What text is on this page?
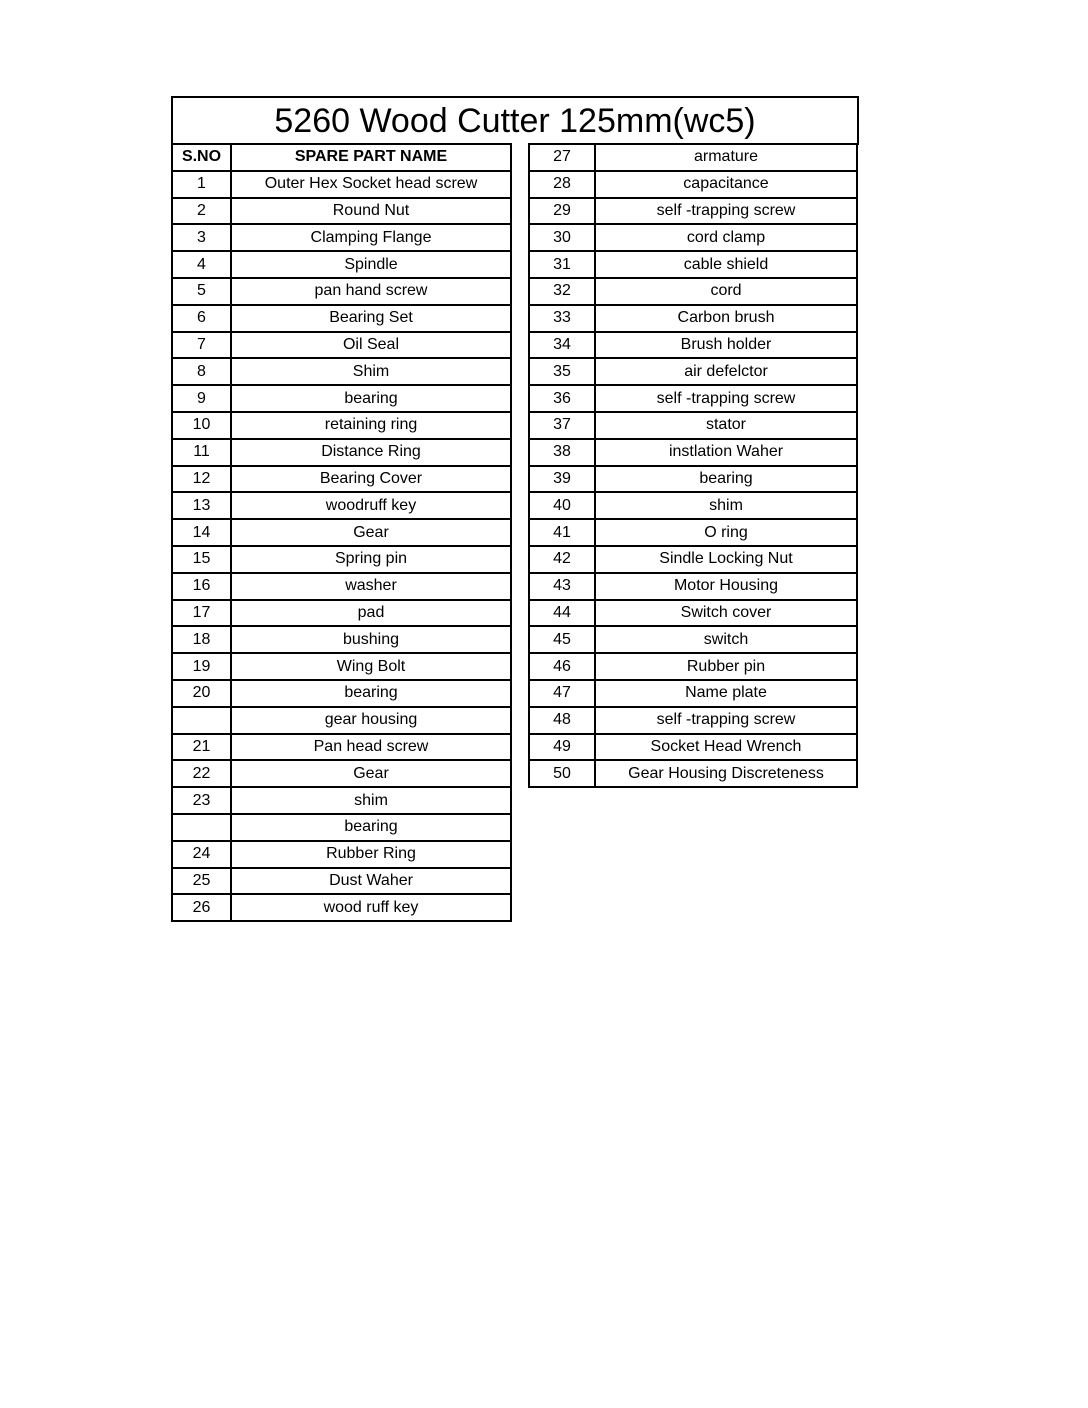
5260 Wood Cutter 125mm(wc5)
S.NO	SPARE PART NAME
1	Outer Hex Socket head screw
2	Round Nut
3	Clamping Flange
4	Spindle
5	pan hand screw
6	Bearing Set
7	Oil Seal
8	Shim
9	bearing
10	retaining ring
11	Distance Ring
12	Bearing Cover
13	woodruff key
14	Gear
15	Spring pin
16	washer
17	pad
18	bushing
19	Wing Bolt
20	bearing
	gear housing
21	Pan head screw
22	Gear
23	shim
	bearing
24	Rubber Ring
25	Dust Waher
26	wood ruff key
27	armature
28	capacitance
29	self -trapping screw
30	cord clamp
31	cable shield
32	cord
33	Carbon brush
34	Brush holder
35	air defelctor
36	self -trapping screw
37	stator
38	instlation Waher
39	bearing
40	shim
41	O ring
42	Sindle Locking Nut
43	Motor Housing
44	Switch cover
45	switch
46	Rubber pin
47	Name plate
48	self -trapping screw
49	Socket Head Wrench
50	Gear Housing Discreteness
